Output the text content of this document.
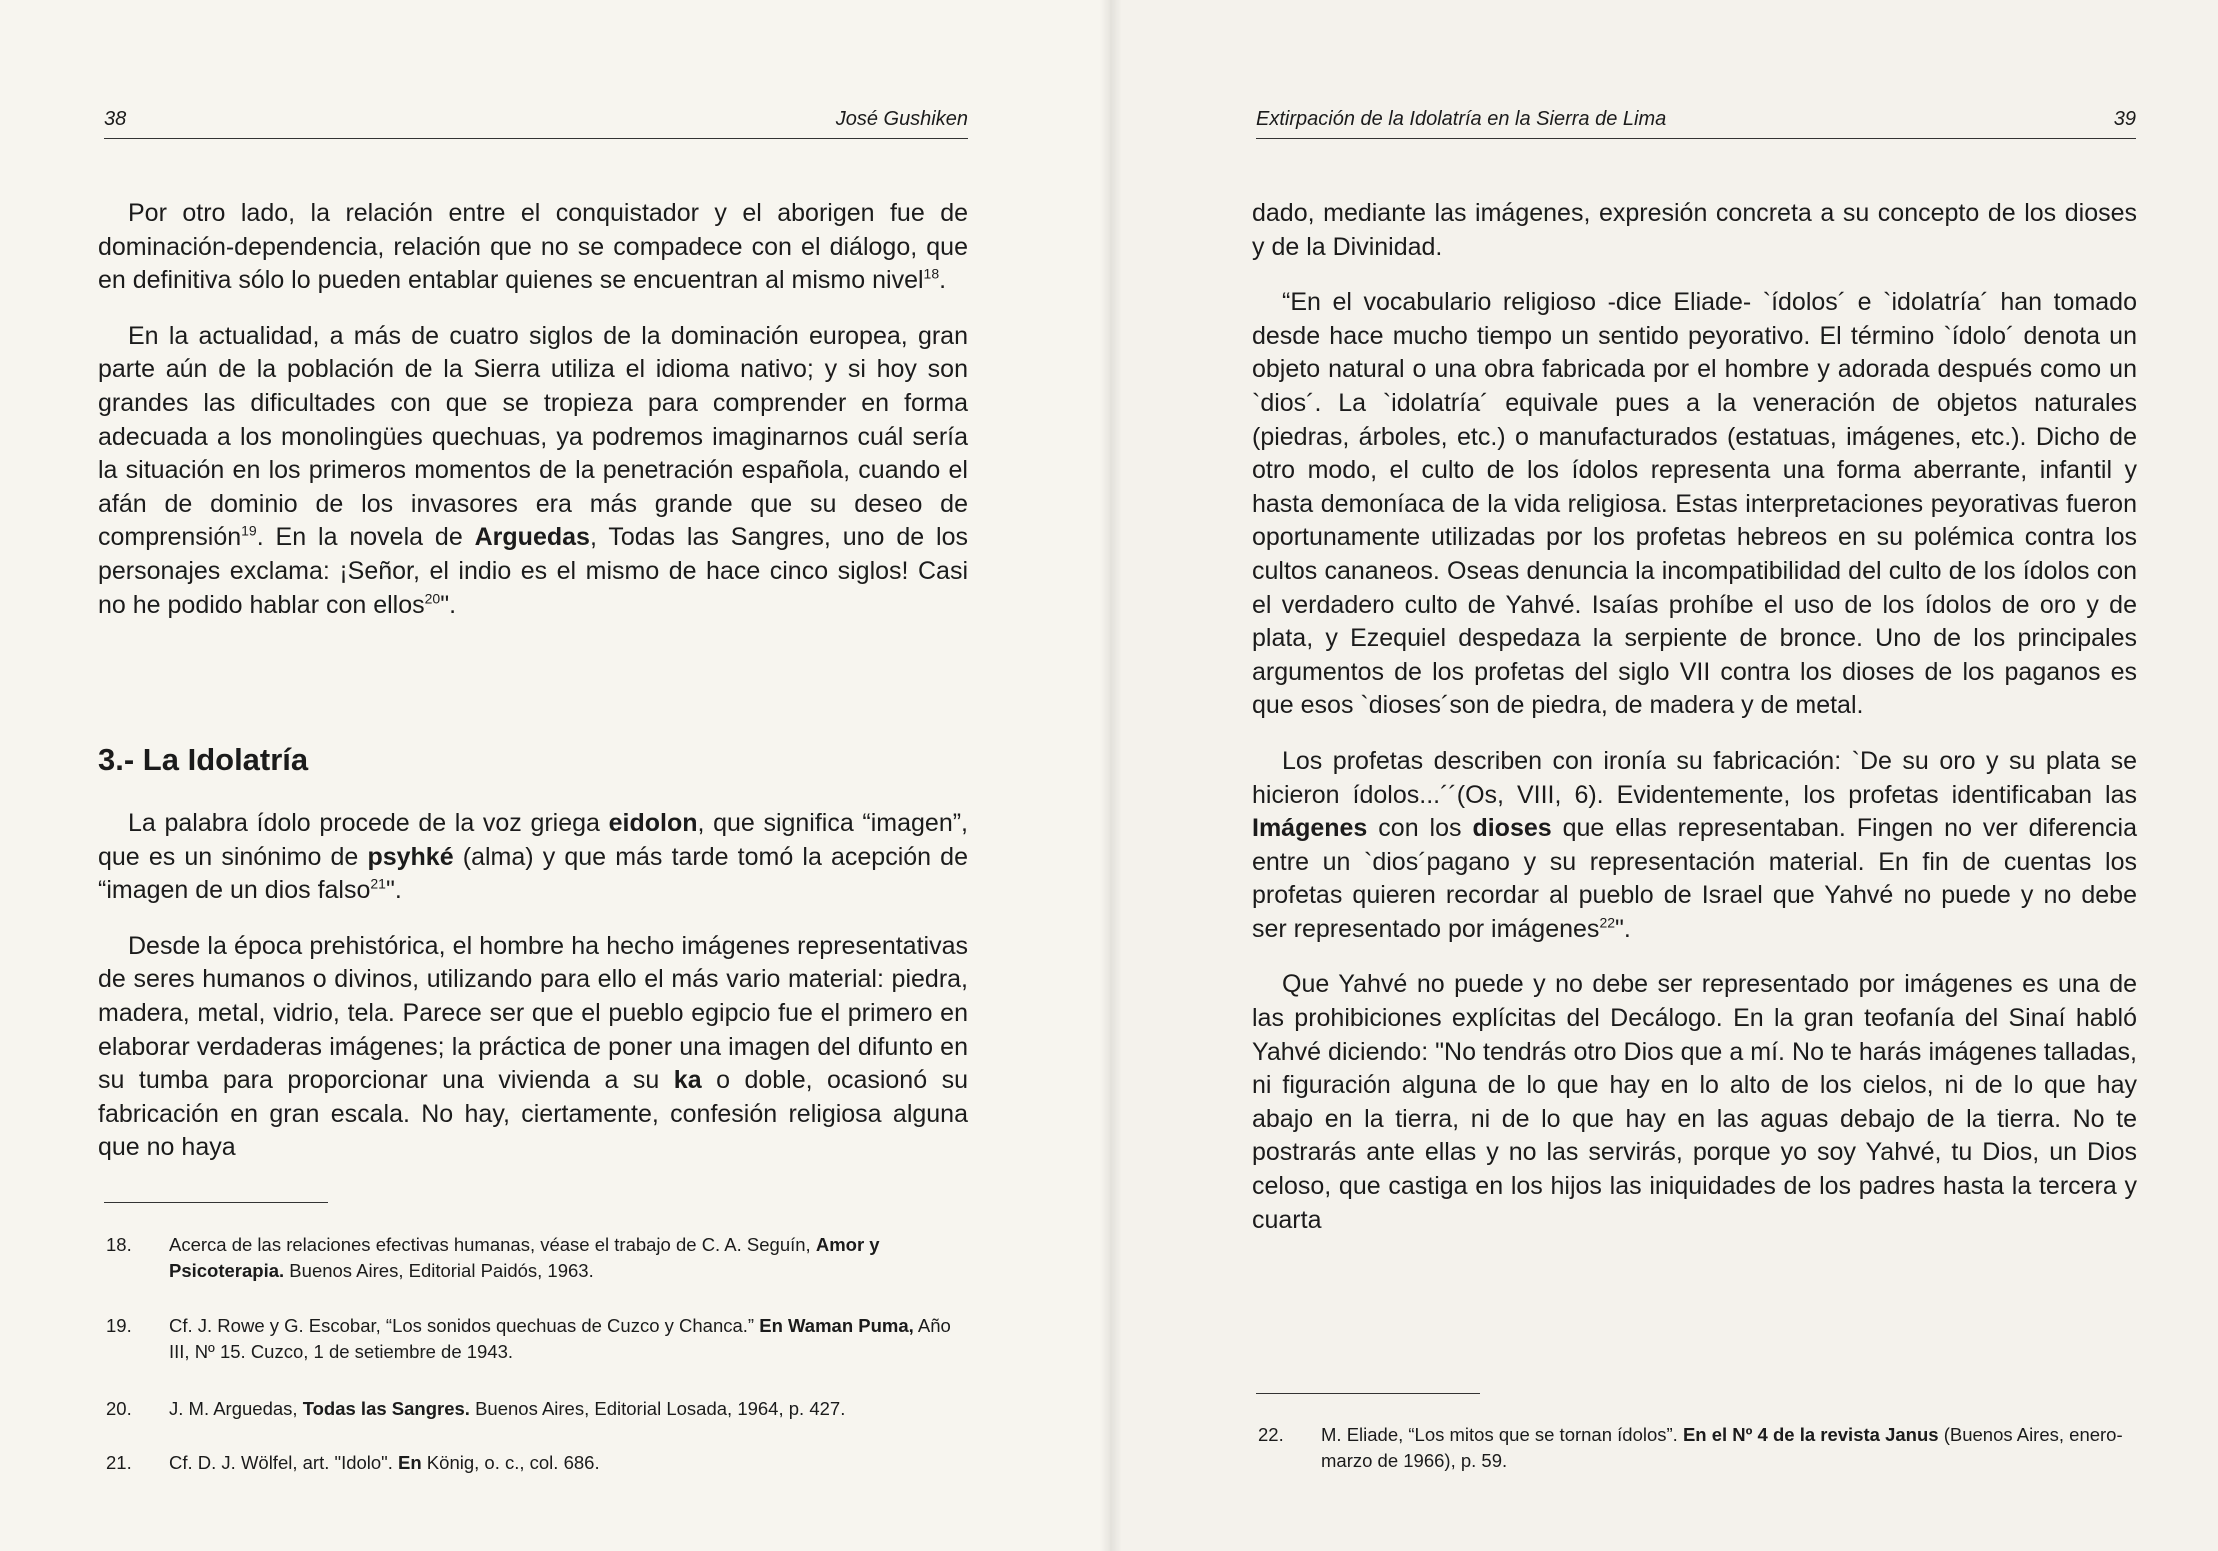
38	José Gushiken

Por otro lado, la relación entre el conquistador y el aborigen fue de dominación-dependencia, relación que no se compadece con el diálogo, que en definitiva sólo lo pueden entablar quienes se encuentran al mismo nivel$^{18}$.

En la actualidad, a más de cuatro siglos de la dominación europea, gran parte aún de la población de la Sierra utiliza el idioma nativo; y si hoy son grandes las dificultades con que se tropieza para comprender en forma adecuada a los monolingües quechuas, ya podremos imaginarnos cuál sería la situación en los primeros momentos de la penetración española, cuando el afán de dominio de los invasores era más grande que su deseo de comprensión$^{19}$. En la novela de Arguedas, Todas las Sangres, uno de los personajes exclama: ¡Señor, el indio es el mismo de hace cinco siglos! Casi no he podido hablar con ellos$^{20}$".

3.- La Idolatría

La palabra ídolo procede de la voz griega eidolon, que significa “imagen”, que es un sinónimo de psyhké (alma) y que más tarde tomó la acepción de “imagen de un dios falso$^{21}$".

Desde la época prehistórica, el hombre ha hecho imágenes representativas de seres humanos o divinos, utilizando para ello el más vario material: piedra, madera, metal, vidrio, tela. Parece ser que el pueblo egipcio fue el primero en elaborar verdaderas imágenes; la práctica de poner una imagen del difunto en su tumba para proporcionar una vivienda a su ka o doble, ocasionó su fabricación en gran escala. No hay, ciertamente, confesión religiosa alguna que no haya

18. Acerca de las relaciones efectivas humanas, véase el trabajo de C. A. Seguín, Amor y Psicoterapia. Buenos Aires, Editorial Paidós, 1963.
19. Cf. J. Rowe y G. Escobar, “Los sonidos quechuas de Cuzco y Chanca.” En Waman Puma, Año III, Nº 15. Cuzco, 1 de setiembre de 1943.
20. J. M. Arguedas, Todas las Sangres. Buenos Aires, Editorial Losada, 1964, p. 427.
21. Cf. D. J. Wölfel, art. "Idolo". En König, o. c., col. 686.
Extirpación de la Idolatría en la Sierra de Lima	39

dado, mediante las imágenes, expresión concreta a su concepto de los dioses y de la Divinidad.

“En el vocabulario religioso -dice Eliade- `ídolos´ e `idolatría´ han tomado desde hace mucho tiempo un sentido peyorativo. El término `ídolo´ denota un objeto natural o una obra fabricada por el hombre y adorada después como un `dios´. La `idolatría´ equivale pues a la veneración de objetos naturales (piedras, árboles, etc.) o manufacturados (estatuas, imágenes, etc.). Dicho de otro modo, el culto de los ídolos representa una forma aberrante, infantil y hasta demoníaca de la vida religiosa. Estas interpretaciones peyorativas fueron oportunamente utilizadas por los profetas hebreos en su polémica contra los cultos cananeos. Oseas denuncia la incompatibilidad del culto de los ídolos con el verdadero culto de Yahvé. Isaías prohíbe el uso de los ídolos de oro y de plata, y Ezequiel despedaza la serpiente de bronce. Uno de los principales argumentos de los profetas del siglo VII contra los dioses de los paganos es que esos `dioses´son de piedra, de madera y de metal.

Los profetas describen con ironía su fabricación: `De su oro y su plata se hicieron ídolos...´´(Os, VIII, 6). Evidentemente, los profetas identificaban las Imágenes con los dioses que ellas representaban. Fingen no ver diferencia entre un `dios´pagano y su representación material. En fin de cuentas los profetas quieren recordar al pueblo de Israel que Yahvé no puede y no debe ser representado por imágenes$^{22}$".

Que Yahvé no puede y no debe ser representado por imágenes es una de las prohibiciones explícitas del Decálogo. En la gran teofanía del Sinaí habló Yahvé diciendo: "No tendrás otro Dios que a mí. No te harás imágenes talladas, ni figuración alguna de lo que hay en lo alto de los cielos, ni de lo que hay abajo en la tierra, ni de lo que hay en las aguas debajo de la tierra. No te postrarás ante ellas y no las servirás, porque yo soy Yahvé, tu Dios, un Dios celoso, que castiga en los hijos las iniquidades de los padres hasta la tercera y cuarta

22. M. Eliade, “Los mitos que se tornan ídolos”. En el Nº 4 de la revista Janus (Buenos Aires, enero-marzo de 1966), p. 59.
